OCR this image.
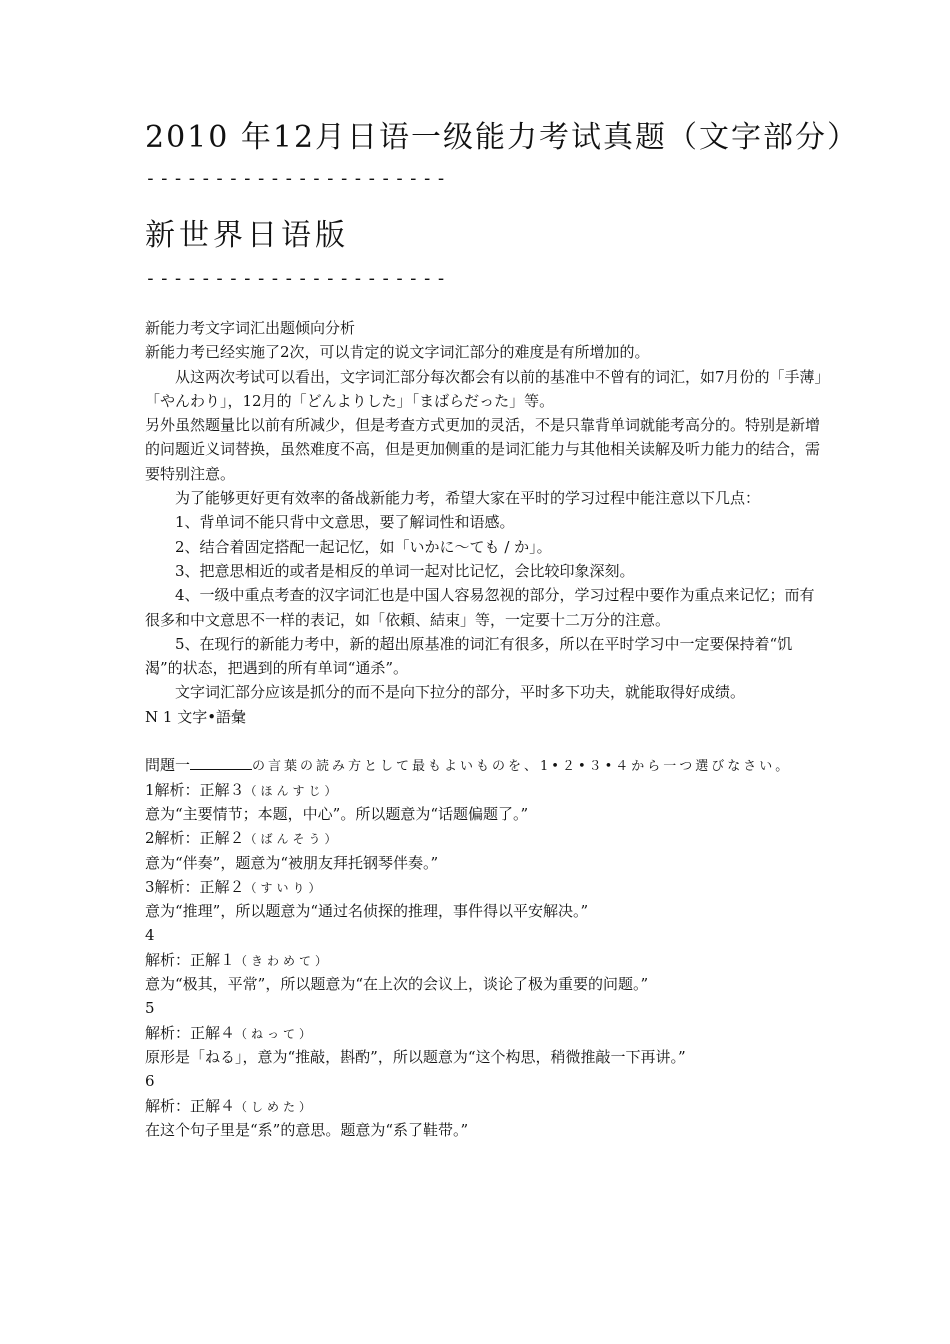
2010 年12月日语一级能力考试真题（文字部分）
----------------------
新世界日语版
----------------------
新能力考文字词汇出题倾向分析
新能力考已经实施了2次，可以肯定的说文字词汇部分的难度是有所增加的。
从这两次考试可以看出，文字词汇部分每次都会有以前的基准中不曾有的词汇，如7月份的「手薄」「やんわり」，12月的「どんよりした」「まばらだった」等。
另外虽然题量比以前有所减少，但是考查方式更加的灵活，不是只靠背单词就能考高分的。特别是新增的问题近义词替换，虽然难度不高，但是更加侧重的是词汇能力与其他相关读解及听力能力的结合，需要特别注意。
为了能够更好更有效率的备战新能力考，希望大家在平时的学习过程中能注意以下几点：
1、背单词不能只背中文意思，要了解词性和语感。
2、结合着固定搭配一起记忆，如「いかに～ても / か」。
3、把意思相近的或者是相反的单词一起对比记忆，会比较印象深刻。
4、一级中重点考查的汉字词汇也是中国人容易忽视的部分，学习过程中要作为重点来记忆；而有很多和中文意思不一样的表记，如「依頼、結束」等，一定要十二万分的注意。
5、在现行的新能力考中，新的超出原基准的词汇有很多，所以在平时学习中一定要保持着“饥渴”的状态，把遇到的所有单词“通杀”。
文字词汇部分应该是抓分的而不是向下拉分的部分，平时多下功夫，就能取得好成绩。
N 1 文字•語彙
問題一	の言葉の読み方として最もよいものを、1•２•３•４から一つ選びなさい。
1解析：正解３（ほんすじ）
意为“主要情节；本题，中心”。所以题意为“话题偏题了。”
2解析：正解２（ばんそう）
意为“伴奏”，题意为“被朋友拜托钢琴伴奏。”
3解析：正解２（すいり）
意为“推理”，所以题意为“通过名侦探的推理，事件得以平安解决。”
4
解析：正解１（きわめて）
意为“极其，平常”，所以题意为“在上次的会议上，谈论了极为重要的问题。”
5
解析：正解４（ねって）
原形是「ねる」，意为“推敲，斟酌”，所以题意为“这个构思，稍微推敲一下再讲。”
6
解析：正解４（しめた）
在这个句子里是“系”的意思。题意为“系了鞋带。”
